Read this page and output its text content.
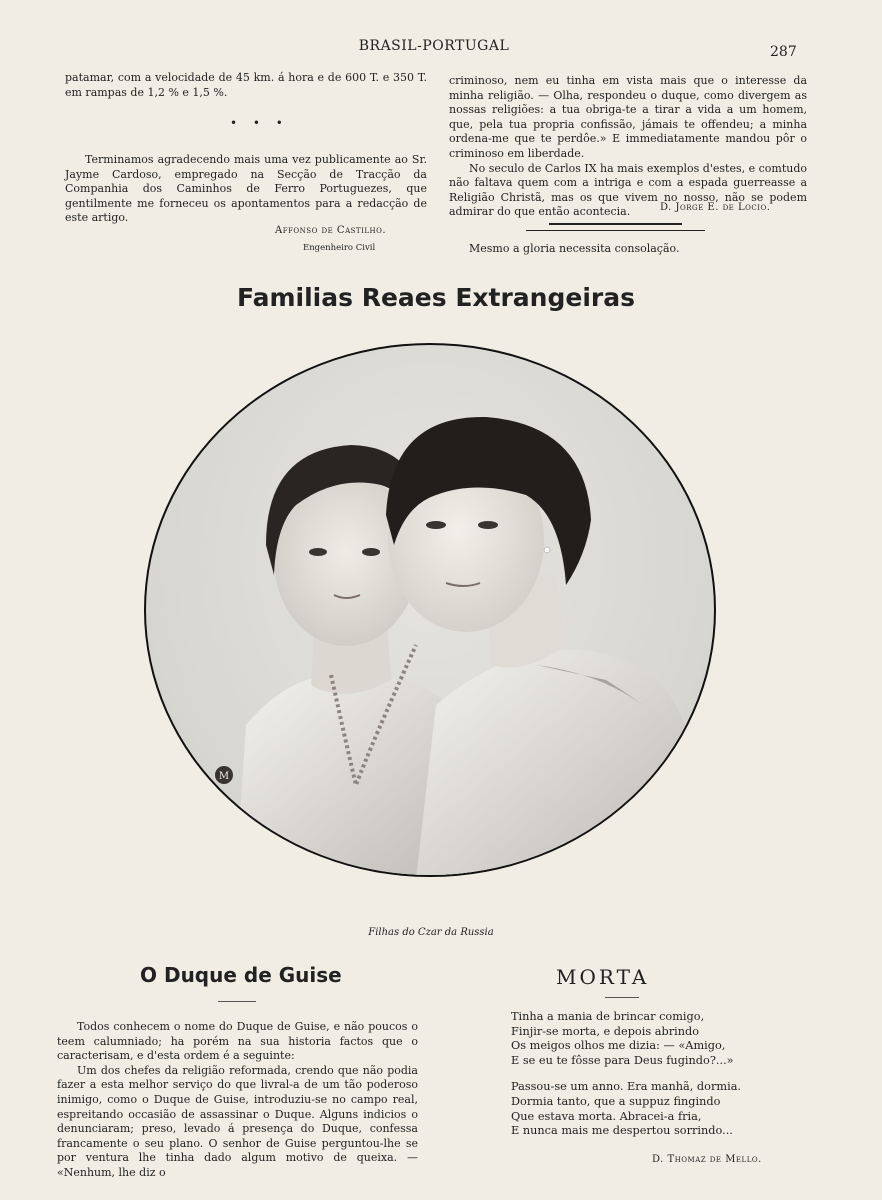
BRASIL-PORTUGAL	287

patamar, com a velocidade de 45 km. á hora e de 600 T. e 350 T. em rampas de 1,2 % e 1,5 %.

• • •

Terminamos agradecendo mais uma vez publicamente ao Sr. Jayme Cardoso, empregado na Secção de Tracção da Companhia dos Caminhos de Ferro Portuguezes, que gentilmente me forneceu os apontamentos para a redacção de este artigo.

Affonso de Castilho.
Engenheiro Civil

criminoso, nem eu tinha em vista mais que o interesse da minha religião. — Olha, respondeu o duque, como divergem as nossas religiões: a tua obriga-te a tirar a vida a um homem, que, pela tua propria confissão, jámais te offendeu; a minha ordena-me que te perdôe.» E immediatamente mandou pôr o criminoso em liberdade.

No seculo de Carlos IX ha mais exemplos d'estes, e comtudo não faltava quem com a intriga e com a espada guerreasse a Religião Christã, mas os que vivem no nosso, não se podem admirar do que então acontecia.	D. Jorge E. de Locio.
Mesmo a gloria necessita consolação.
Familias Reaes Extrangeiras
M
Filhas do Czar da Russia
O Duque de Guise

Todos conhecem o nome do Duque de Guise, e não poucos o teem calumniado; ha porém na sua historia factos que o caracterisam, e d'esta ordem é a seguinte:

Um dos chefes da religião reformada, crendo que não podia fazer a esta melhor serviço do que livral-a de um tão poderoso inimigo, como o Duque de Guise, introduziu-se no campo real, espreitando occasião de assassinar o Duque. Alguns indicios o denunciaram; preso, levado á presença do Duque, confessa francamente o seu plano. O senhor de Guise perguntou-lhe se por ventura lhe tinha dado algum motivo de queixa. — «Nenhum, lhe diz o

MORTA

Tinha a mania de brincar comigo,

Finjir-se morta, e depois abrindo

Os meigos olhos me dizia: — «Amigo,

E se eu te fôsse para Deus fugindo?...»

Passou-se um anno. Era manhã, dormia.

Dormia tanto, que a suppuz fingindo

Que estava morta. Abracei-a fria,

E nunca mais me despertou sorrindo...

D. Thomaz de Mello.
